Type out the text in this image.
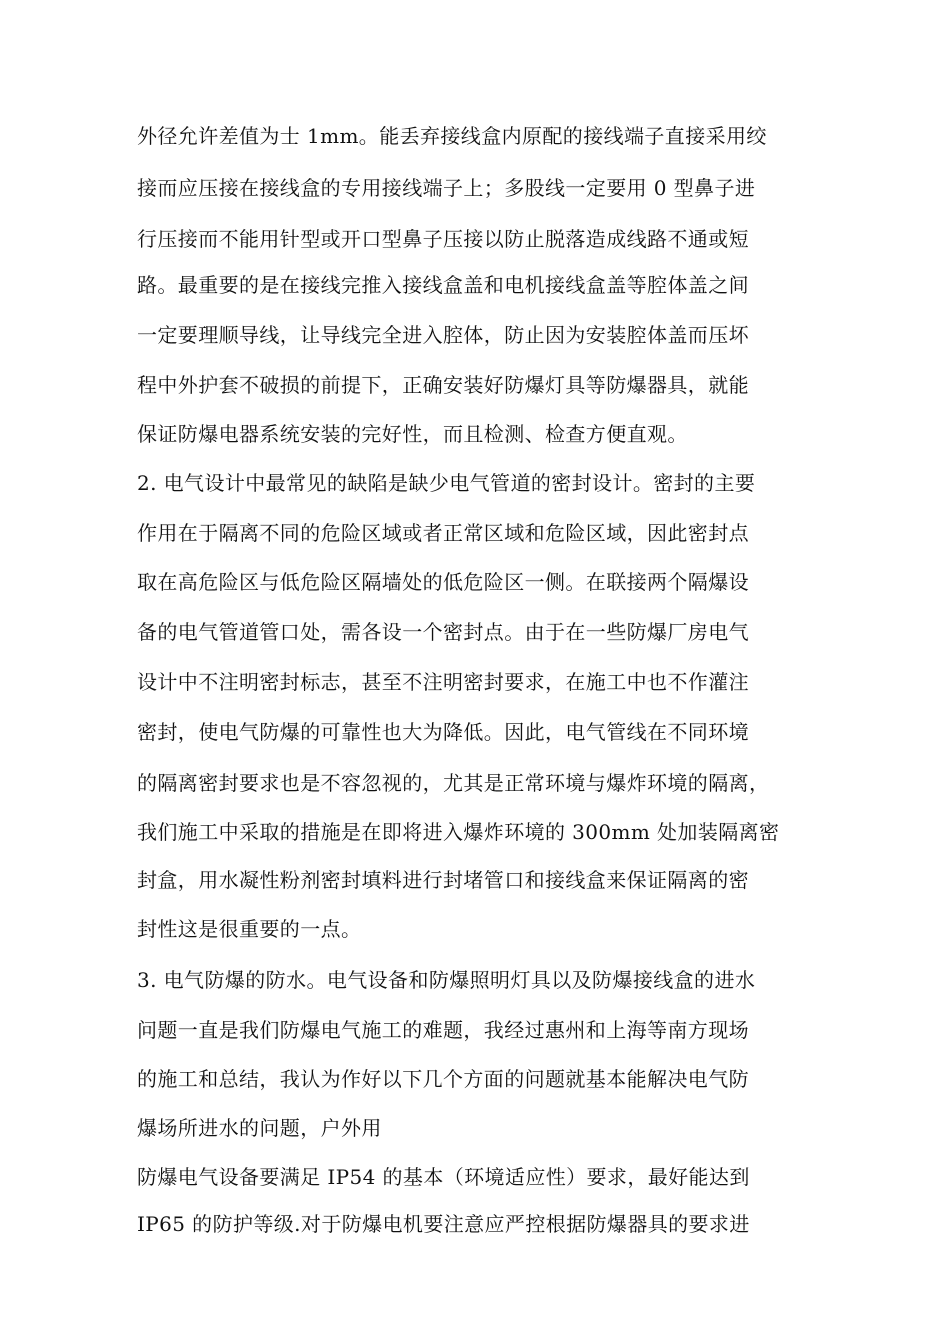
外径允许差值为士 1mm。能丢弃接线盒内原配的接线端子直接采用绞
接而应压接在接线盒的专用接线端子上；多股线一定要用 0 型鼻子进
行压接而不能用针型或开口型鼻子压接以防止脱落造成线路不通或短
路。最重要的是在接线完推入接线盒盖和电机接线盒盖等腔体盖之间
一定要理顺导线，让导线完全进入腔体，防止因为安装腔体盖而压坏
程中外护套不破损的前提下，正确安装好防爆灯具等防爆器具，就能
保证防爆电器系统安装的完好性，而且检测、检查方便直观。
2. 电气设计中最常见的缺陷是缺少电气管道的密封设计。密封的主要
作用在于隔离不同的危险区域或者正常区域和危险区域，因此密封点
取在高危险区与低危险区隔墙处的低危险区一侧。在联接两个隔爆设
备的电气管道管口处，需各设一个密封点。由于在一些防爆厂房电气
设计中不注明密封标志，甚至不注明密封要求，在施工中也不作灌注
密封，使电气防爆的可靠性也大为降低。因此，电气管线在不同环境
的隔离密封要求也是不容忽视的，尤其是正常环境与爆炸环境的隔离，
我们施工中采取的措施是在即将进入爆炸环境的 300mm 处加装隔离密
封盒，用水凝性粉剂密封填料进行封堵管口和接线盒来保证隔离的密
封性这是很重要的一点。
3. 电气防爆的防水。电气设备和防爆照明灯具以及防爆接线盒的进水
问题一直是我们防爆电气施工的难题，我经过惠州和上海等南方现场
的施工和总结，我认为作好以下几个方面的问题就基本能解决电气防
爆场所进水的问题，户外用
防爆电气设备要满足 IP54 的基本（环境适应性）要求，最好能达到
IP65 的防护等级.对于防爆电机要注意应严控根据防爆器具的要求进
